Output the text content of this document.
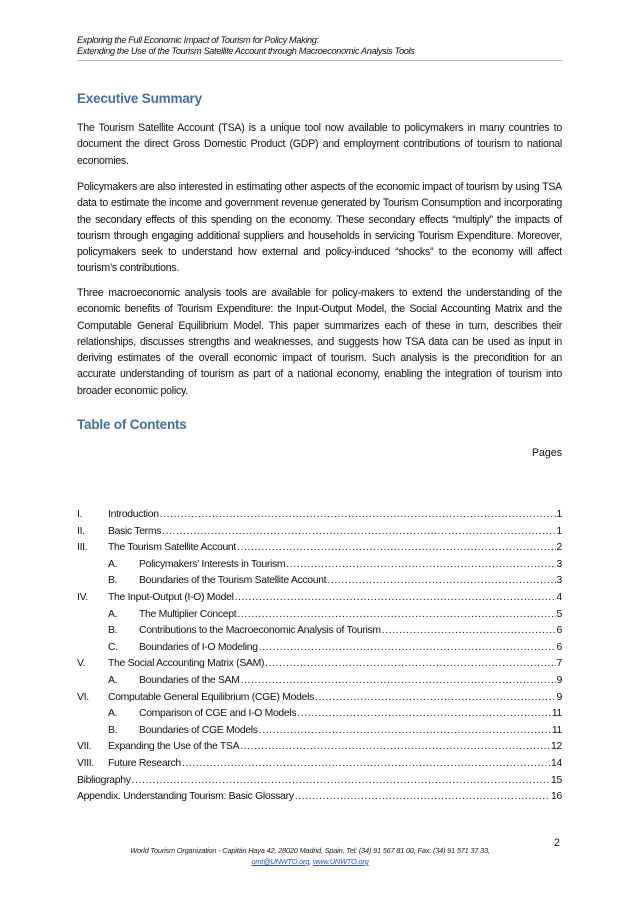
Exploring the Full Economic Impact of Tourism for Policy Making:
Extending the Use of the Tourism Satellite Account through Macroeconomic Analysis Tools
Executive Summary
The Tourism Satellite Account (TSA) is a unique tool now available to policymakers in many countries to document the direct Gross Domestic Product (GDP) and employment contributions of tourism to national economies.
Policymakers are also interested in estimating other aspects of the economic impact of tourism by using TSA data to estimate the income and government revenue generated by Tourism Consumption and incorporating the secondary effects of this spending on the economy. These secondary effects “multiply” the impacts of tourism through engaging additional suppliers and households in servicing Tourism Expenditure. Moreover, policymakers seek to understand how external and policy-induced “shocks” to the economy will affect tourism’s contributions.
Three macroeconomic analysis tools are available for policy-makers to extend the understanding of the economic benefits of Tourism Expenditure: the Input-Output Model, the Social Accounting Matrix and the Computable General Equilibrium Model. This paper summarizes each of these in turn, describes their relationships, discusses strengths and weaknesses, and suggests how TSA data can be used as input in deriving estimates of the overall economic impact of tourism. Such analysis is the precondition for an accurate understanding of tourism as part of a national economy, enabling the integration of tourism into broader economic policy.
Table of Contents
Pages
I.	Introduction .....	1
II.	Basic Terms .....	1
III.	The Tourism Satellite Account .....	2
A.	Policymakers’ Interests in Tourism .....	3
B.	Boundaries of the Tourism Satellite Account .....	3
IV.	The Input-Output (I-O) Model .....	4
A.	The Multiplier Concept .....	5
B.	Contributions to the Macroeconomic Analysis of Tourism .....	6
C.	Boundaries of I-O Modeling .....	6
V.	The Social Accounting Matrix (SAM) .....	7
A.	Boundaries of the SAM .....	9
VI.	Computable General Equilibrium (CGE) Models .....	9
A.	Comparison of CGE and I-O Models .....	11
B.	Boundaries of CGE Models .....	11
VII.	Expanding the Use of the TSA .....	12
VIII.	Future Research .....	14
Bibliography .....	15
Appendix. Understanding Tourism: Basic Glossary .....	16
2
World Tourism Organization - Capitán Haya 42, 28020 Madrid, Spain, Tel: (34) 91 567 81 00, Fax: (34) 91 571 37 33,
omt@UNWTO.org, www.UNWTO.org
